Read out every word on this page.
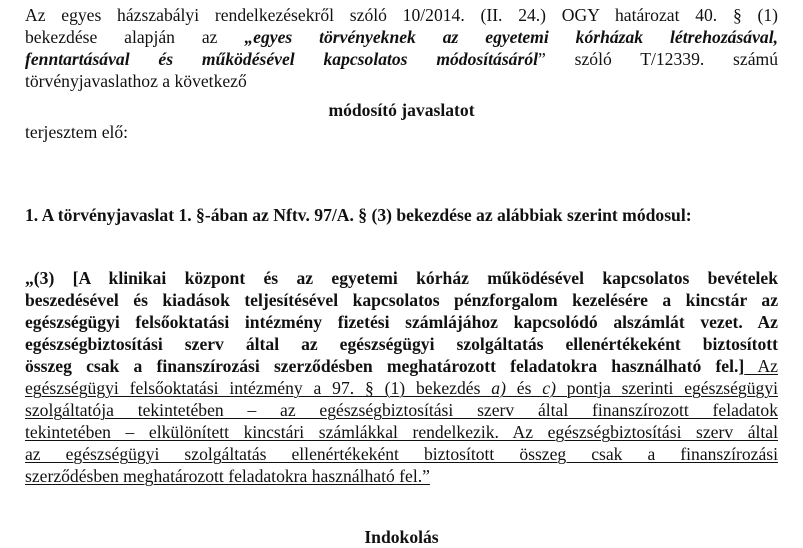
Az egyes házszabályi rendelkezésekről szóló 10/2014. (II. 24.) OGY határozat 40. § (1)
bekezdése alapján az „egyes törvényeknek az egyetemi kórházak létrehozásával,
fenntartásával és működésével kapcsolatos módosításáról” szóló T/12339. számú
törvényjavaslathoz a következő
módosító javaslatot
terjesztem elő:
1. A törvényjavaslat 1. §-ában az Nftv. 97/A. § (3) bekezdése az alábbiak szerint módosul:
„(3) [A klinikai központ és az egyetemi kórház működésével kapcsolatos bevételek
beszedésével és kiadások teljesítésével kapcsolatos pénzforgalom kezelésére a kincstár az
egészségügyi felsőoktatási intézmény fizetési számlájához kapcsolódó alszámlát vezet. Az
egészségbiztosítási szerv által az egészségügyi szolgáltatás ellenértékeként biztosított
összeg csak a finanszírozási szerződésben meghatározott feladatokra használható fel.] Az
egészségügyi felsőoktatási intézmény a 97. § (1) bekezdés a) és c) pontja szerinti egészségügyi
szolgáltatója tekintetében – az egészségbiztosítási szerv által finanszírozott feladatok
tekintetében – elkülönített kincstári számlákkal rendelkezik. Az egészségbiztosítási szerv által
az egészségügyi szolgáltatás ellenértékeként biztosított összeg csak a finanszírozási
szerződésben meghatározott feladatokra használható fel.”
Indokolás
